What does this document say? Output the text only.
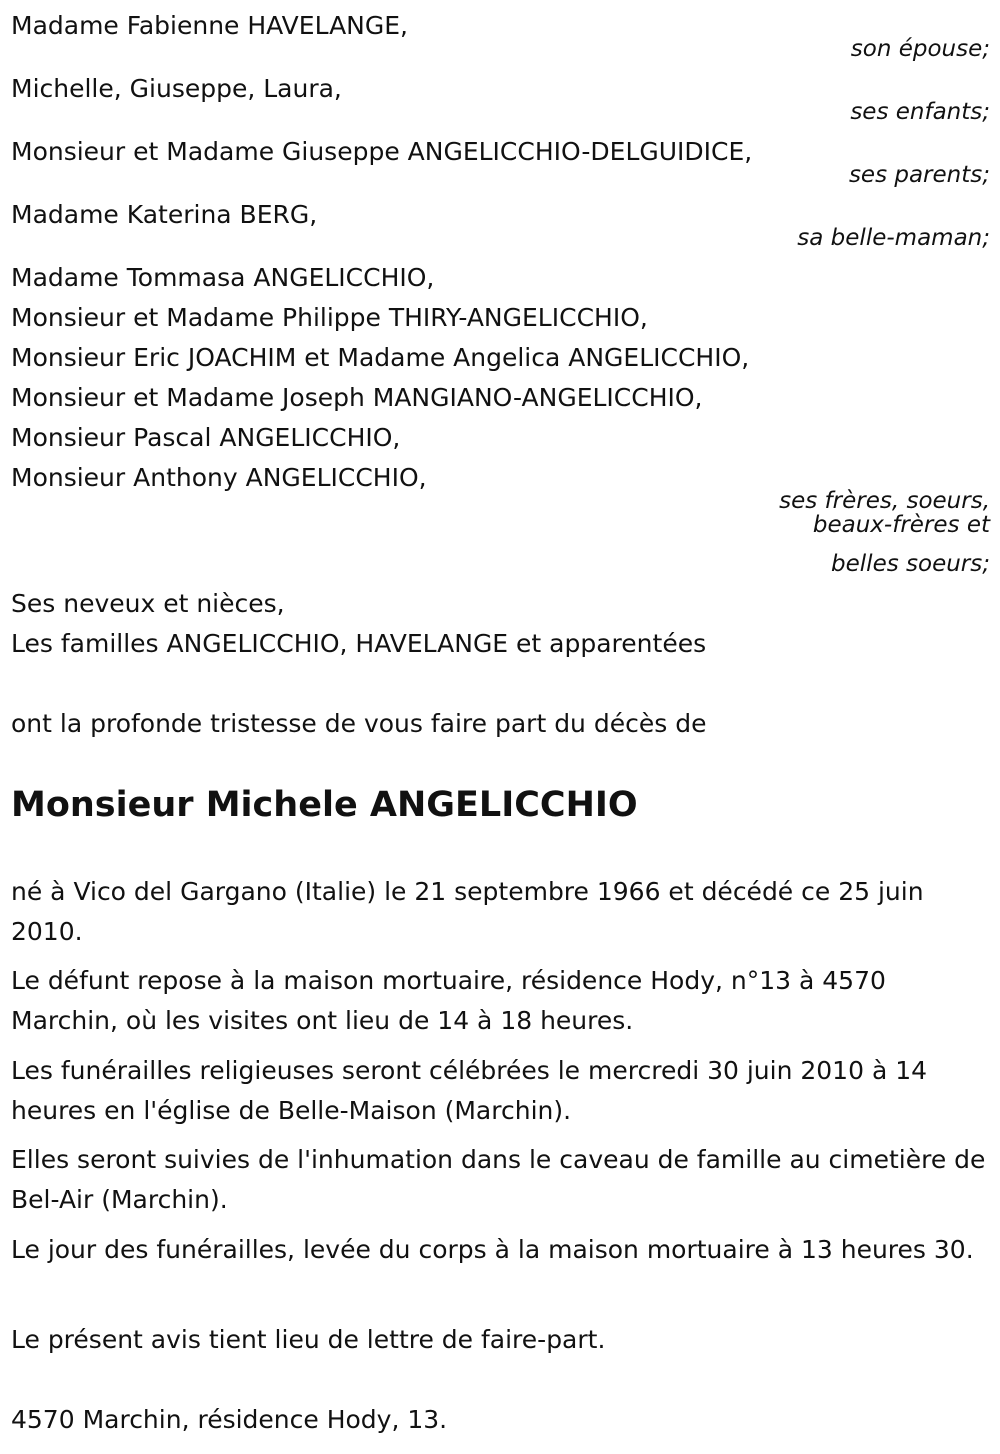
Madame Fabienne HAVELANGE,

son épouse;

Michelle, Giuseppe, Laura,

ses enfants;

Monsieur et Madame Giuseppe ANGELICCHIO-DELGUIDICE,

ses parents;

Madame Katerina BERG,

sa belle-maman;

Madame Tommasa ANGELICCHIO,

Monsieur et Madame Philippe THIRY-ANGELICCHIO,

Monsieur Eric JOACHIM et Madame Angelica ANGELICCHIO,

Monsieur et Madame Joseph MANGIANO-ANGELICCHIO,

Monsieur Pascal ANGELICCHIO,

Monsieur Anthony ANGELICCHIO,

ses frères, soeurs,

beaux-frères et

belles soeurs;

Ses neveux et nièces,

Les familles ANGELICCHIO, HAVELANGE et apparentées

ont la profonde tristesse de vous faire part du décès de

Monsieur Michele ANGELICCHIO

né à Vico del Gargano (Italie) le 21 septembre 1966 et décédé ce 25 juin 2010.

Le défunt repose à la maison mortuaire, résidence Hody, n°13 à 4570 Marchin, où les visites ont lieu de 14 à 18 heures.

Les funérailles religieuses seront célébrées le mercredi 30 juin 2010 à 14 heures en l'église de Belle-Maison (Marchin).

Elles seront suivies de l'inhumation dans le caveau de famille au cimetière de Bel-Air (Marchin).

Le jour des funérailles, levée du corps à la maison mortuaire à 13 heures 30.

Le présent avis tient lieu de lettre de faire-part.

4570 Marchin, résidence Hody, 13.
